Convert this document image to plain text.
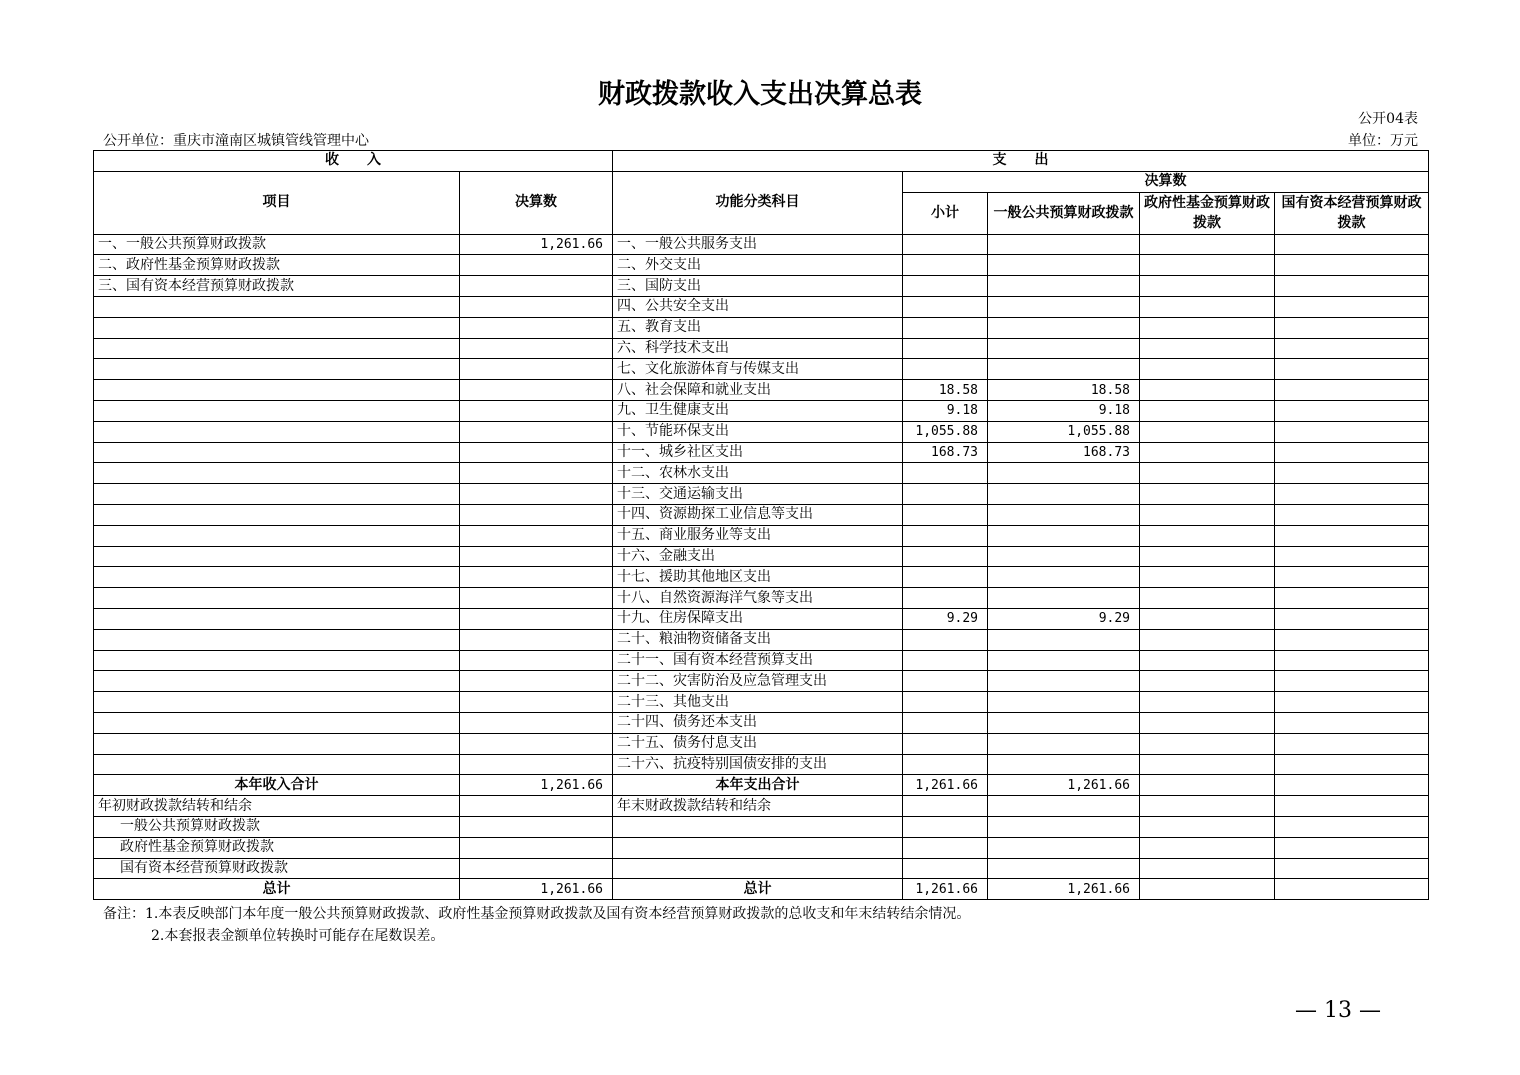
财政拨款收入支出决算总表
公开04表
公开单位：重庆市潼南区城镇管线管理中心	单位：万元
收　　入		支　　出				
项目	决算数	功能分类科目	决算数			
			小计	一般公共预算财政拨款	政府性基金预算财政拨款	国有资本经营预算财政拨款
一、一般公共预算财政拨款	1,261.66	一、一般公共服务支出				
二、政府性基金预算财政拨款		二、外交支出				
三、国有资本经营预算财政拨款		三、国防支出				
		四、公共安全支出				
		五、教育支出				
		六、科学技术支出				
		七、文化旅游体育与传媒支出				
		八、社会保障和就业支出	18.58	18.58		
		九、卫生健康支出	9.18	9.18		
		十、节能环保支出	1,055.88	1,055.88		
		十一、城乡社区支出	168.73	168.73		
		十二、农林水支出				
		十三、交通运输支出				
		十四、资源勘探工业信息等支出				
		十五、商业服务业等支出				
		十六、金融支出				
		十七、援助其他地区支出				
		十八、自然资源海洋气象等支出				
		十九、住房保障支出	9.29	9.29		
		二十、粮油物资储备支出				
		二十一、国有资本经营预算支出				
		二十二、灾害防治及应急管理支出				
		二十三、其他支出				
		二十四、债务还本支出				
		二十五、债务付息支出				
		二十六、抗疫特别国债安排的支出				
本年收入合计	1,261.66	本年支出合计	1,261.66	1,261.66		
年初财政拨款结转和结余		年末财政拨款结转和结余				
一般公共预算财政拨款						
政府性基金预算财政拨款						
国有资本经营预算财政拨款						
总计	1,261.66	总计	1,261.66	1,261.66		
备注：1.本表反映部门本年度一般公共预算财政拨款、政府性基金预算财政拨款及国有资本经营预算财政拨款的总收支和年末结转结余情况。
2.本套报表金额单位转换时可能存在尾数误差。
— 13 —
